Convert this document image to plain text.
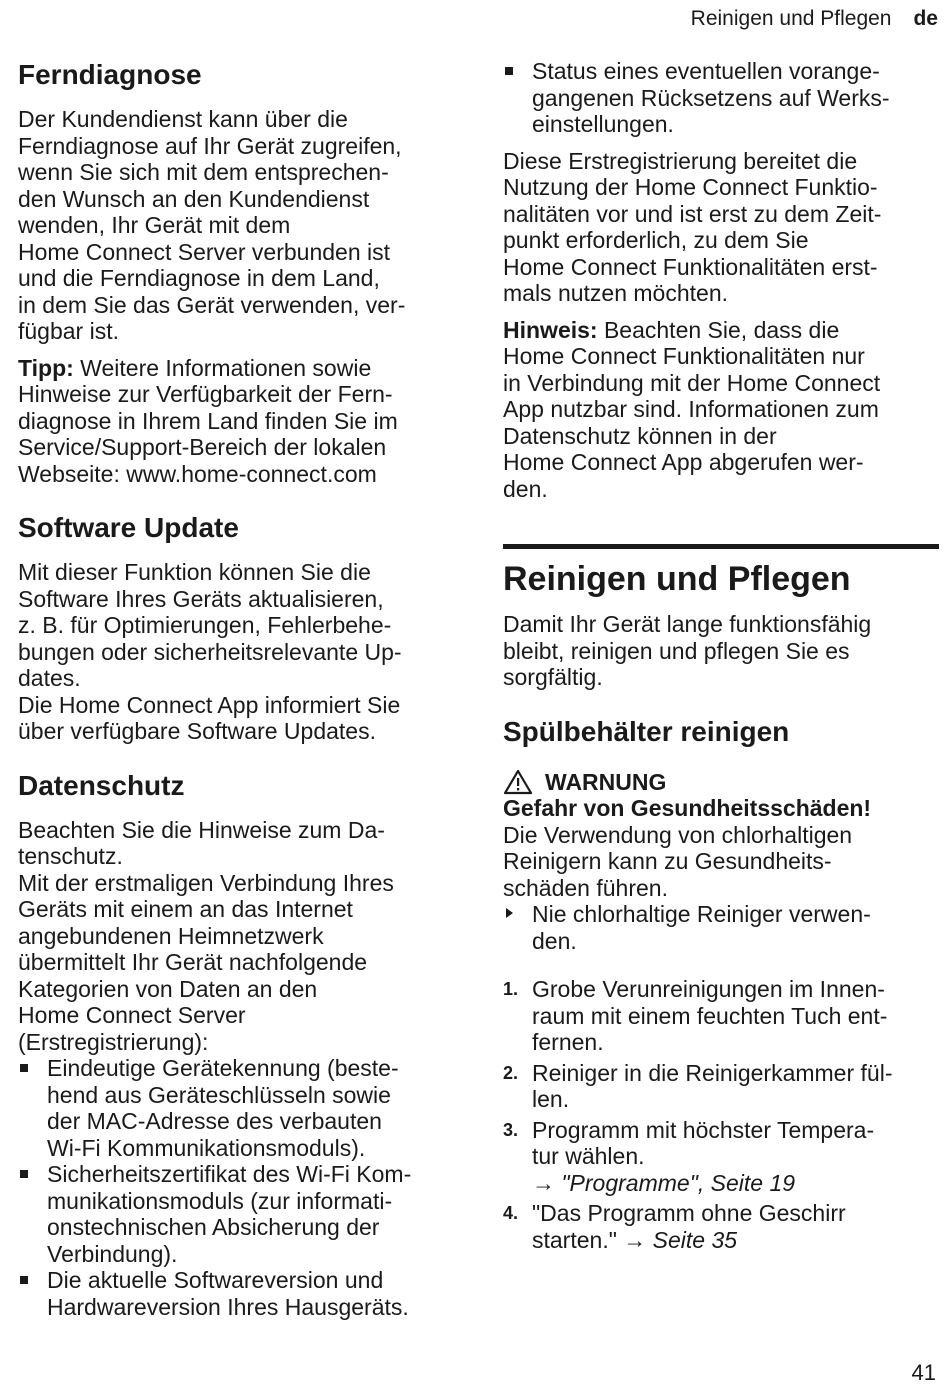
Reinigen und Pflegen de
Ferndiagnose

Der Kundendienst kann über die
Ferndiagnose auf Ihr Gerät zugreifen,
wenn Sie sich mit dem entsprechen-
den Wunsch an den Kundendienst
wenden, Ihr Gerät mit dem
Home Connect Server verbunden ist
und die Ferndiagnose in dem Land,
in dem Sie das Gerät verwenden, ver-
fügbar ist.

Tipp: Weitere Informationen sowie
Hinweise zur Verfügbarkeit der Fern-
diagnose in Ihrem Land finden Sie im
Service/Support-Bereich der lokalen
Webseite: www.home-connect.com

Software Update

Mit dieser Funktion können Sie die
Software Ihres Geräts aktualisieren,
z. B. für Optimierungen, Fehlerbehe-
bungen oder sicherheitsrelevante Up-
dates.
Die Home Connect App informiert Sie
über verfügbare Software Updates.

Datenschutz

Beachten Sie die Hinweise zum Da-
tenschutz.
Mit der erstmaligen Verbindung Ihres
Geräts mit einem an das Internet
angebundenen Heimnetzwerk
übermittelt Ihr Gerät nachfolgende
Kategorien von Daten an den
Home Connect Server
(Erstregistrierung):

Eindeutige Gerätekennung (beste-
hend aus Geräteschlüsseln sowie
der MAC-Adresse des verbauten
Wi-Fi Kommunikationsmoduls).
Sicherheitszertifikat des Wi-Fi Kom-
munikationsmoduls (zur informati-
onstechnischen Absicherung der
Verbindung).
Die aktuelle Softwareversion und
Hardwareversion Ihres Hausgeräts.
Status eines eventuellen vorange-
gangenen Rücksetzens auf Werks-
einstellungen.

Diese Erstregistrierung bereitet die
Nutzung der Home Connect Funktio-
nalitäten vor und ist erst zu dem Zeit-
punkt erforderlich, zu dem Sie
Home Connect Funktionalitäten erst-
mals nutzen möchten.

Hinweis: Beachten Sie, dass die
Home Connect Funktionalitäten nur
in Verbindung mit der Home Connect
App nutzbar sind. Informationen zum
Datenschutz können in der
Home Connect App abgerufen wer-
den.

Reinigen und Pflegen

Damit Ihr Gerät lange funktionsfähig
bleibt, reinigen und pflegen Sie es
sorgfältig.

Spülbehälter reinigen
WARNUNG

Gefahr von Gesundheitsschäden!

Die Verwendung von chlorhaltigen
Reinigern kann zu Gesundheits-
schäden führen.

Nie chlorhaltige Reiniger verwen-
den.
1. Grobe Verunreinigungen im Innen-
raum mit einem feuchten Tuch ent-
fernen.
2. Reiniger in die Reinigerkammer fül-
len.
3. Programm mit höchster Tempera-
tur wählen.
→ "Programme", Seite 19
4. "Das Programm ohne Geschirr
starten." → Seite 35
41
